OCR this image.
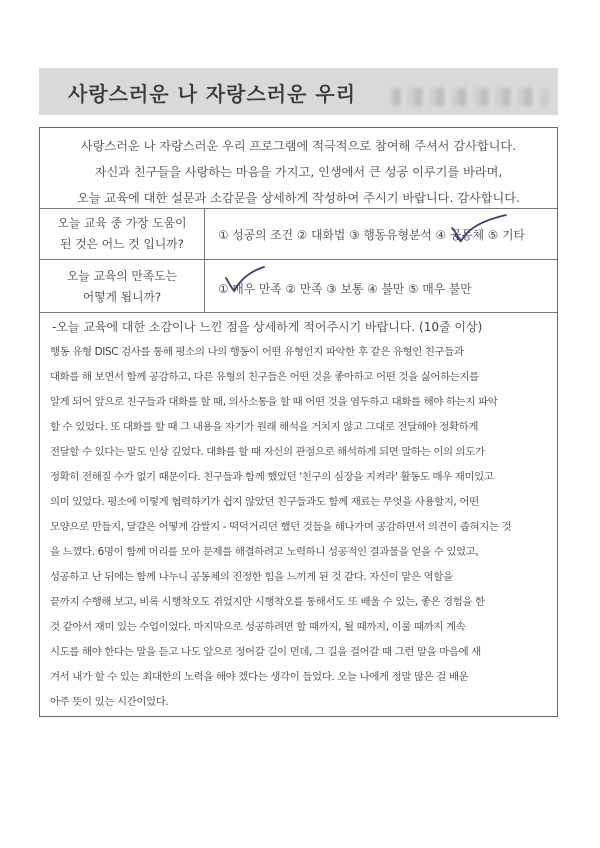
사랑스러운 나 자랑스러운 우리
사랑스러운 나 자랑스러운 우리 프로그램에 적극적으로 참여해 주셔서 감사합니다.
자신과 친구들을 사랑하는 마음을 가지고, 인생에서 큰 성공 이루기를 바라며,
오늘 교육에 대한 설문과 소감문을 상세하게 작성하여 주시기 바랍니다. 감사합니다.
오늘 교육 중 가장 도움이
된 것은 어느 것 입니까?
① 성공의 조건 ② 대화법 ③ 행동유형분석 ④ 공동체 ⑤ 기타
오늘 교육의 만족도는
어떻게 됩니까?
① 매우 만족 ② 만족 ③ 보통 ④ 불만 ⑤ 매우 불만
-오늘 교육에 대한 소감이나 느낀 점을 상세하게 적어주시기 바랍니다. (10줄 이상)
행동 유형 DISC 검사를 통해 평소의 나의 행동이 어떤 유형인지 파악한 후 같은 유형인 친구들과
대화를 해 보면서 함께 공감하고, 다른 유형의 친구들은 어떤 것을 좋아하고 어떤 것을 싫어하는지를
알게 되어 앞으로 친구들과 대화를 할 때, 의사소통을 할 때 어떤 것을 염두하고 대화를 해야 하는지 파악
할 수 있었다. 또 대화를 할 때 그 내용을 자기가 원래 해석을 거치지 않고 그대로 전달해야 정확하게
전달할 수 있다는 말도 인상 깊었다. 대화를 할 때 자신의 관점으로 해석하게 되면 말하는 이의 의도가
정확히 전해질 수가 없기 때문이다. 친구들과 함께 했었던 '친구의 심장을 지켜라' 활동도 매우 재미있고
의미 있었다. 평소에 이렇게 협력하기가 쉽지 않았던 친구들과도 함께 재료는 무엇을 사용할지, 어떤
모양으로 만들지, 달걀은 어떻게 감쌀지 - 떡덕거리던 했던 것들을 해나가며 공감하면서 의견이 좁혀지는 것
을 느꼈다. 6명이 함께 머리를 모아 문제를 해결하려고 노력하니 성공적인 결과물을 얻을 수 있었고,
성공하고 난 뒤에는 함께 나누니 공동체의 진정한 힘을 느끼게 된 것 같다. 자신이 맡은 역할을
끝까지 수행해 보고, 비록 시행착오도 겪었지만 시행착오를 통해서도 또 배울 수 있는, 좋은 경험을 한
것 같아서 재미 있는 수업이었다. 마지막으로 성공하려면 할 때까지, 될 때까지, 이룰 때까지 계속
시도를 해야 한다는 말을 듣고 나도 앞으로 정어갈 길이 먼데, 그 길을 걸어갈 때 그런 말을 마음에 새
겨서 내가 할 수 있는 최대한의 노력을 해야 겠다는 생각이 들었다. 오늘 나에게 정말 많은 걸 배운
아주 뜻이 있는 시간이었다.
